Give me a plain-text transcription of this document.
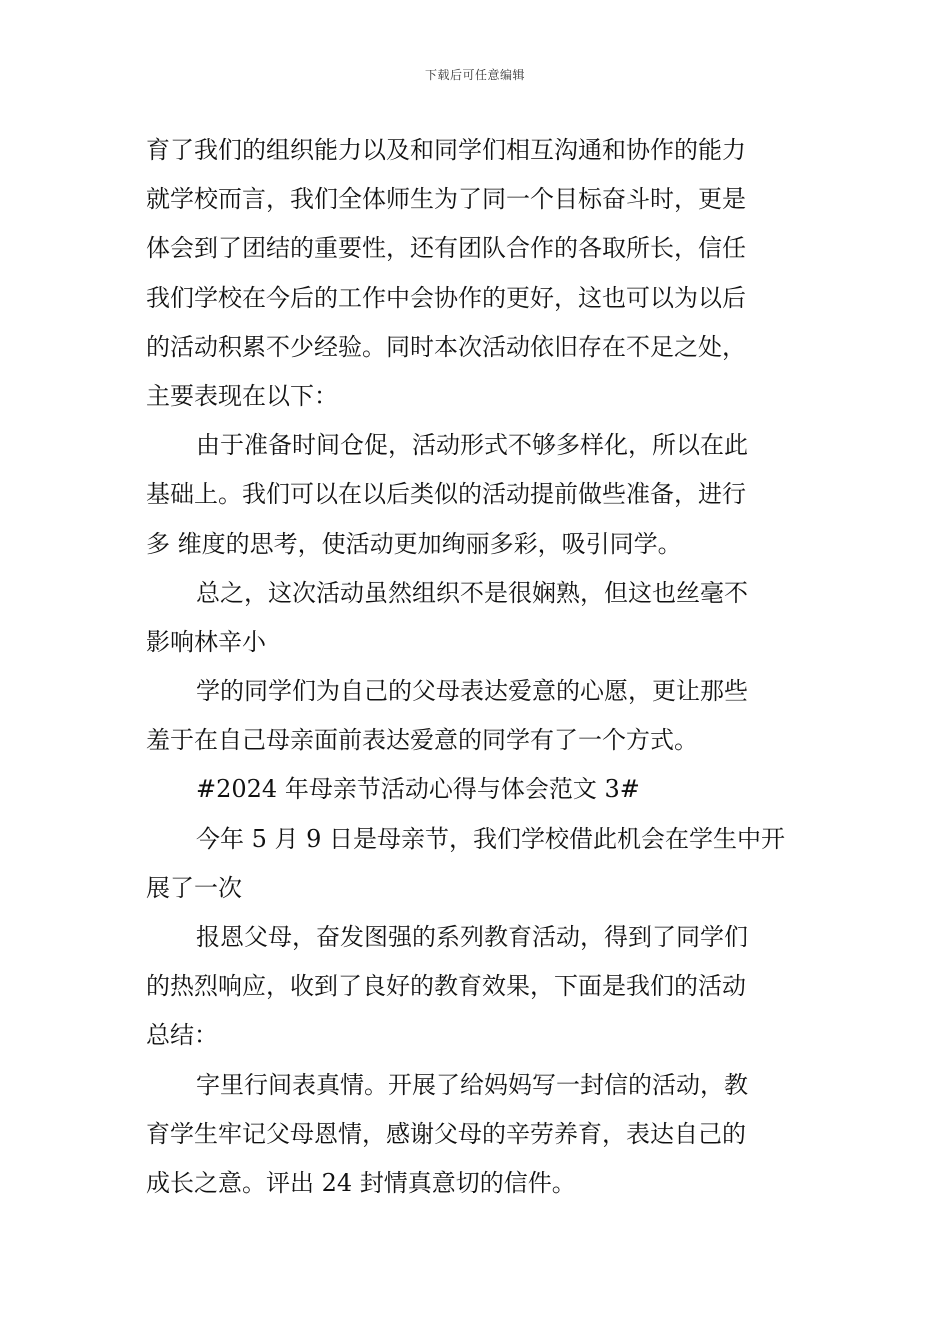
下载后可任意编辑
育了我们的组织能力以及和同学们相互沟通和协作的能力
就学校而言，我们全体师生为了同一个目标奋斗时，更是
体会到了团结的重要性，还有团队合作的各取所长，信任
我们学校在今后的工作中会协作的更好，这也可以为以后
的活动积累不少经验。同时本次活动依旧存在不足之处，
主要表现在以下：
由于准备时间仓促，活动形式不够多样化，所以在此
基础上。我们可以在以后类似的活动提前做些准备，进行
多 维度的思考，使活动更加绚丽多彩，吸引同学。
总之，这次活动虽然组织不是很娴熟，但这也丝毫不
影响林辛小
学的同学们为自己的父母表达爱意的心愿，更让那些
羞于在自己母亲面前表达爱意的同学有了一个方式。
#2024 年母亲节活动心得与体会范文 3#
今年 5 月 9 日是母亲节，我们学校借此机会在学生中开
展了一次
报恩父母，奋发图强的系列教育活动，得到了同学们
的热烈响应，收到了良好的教育效果，下面是我们的活动
总结：
字里行间表真情。开展了给妈妈写一封信的活动，教
育学生牢记父母恩情，感谢父母的辛劳养育，表达自己的
成长之意。评出 24 封情真意切的信件。
